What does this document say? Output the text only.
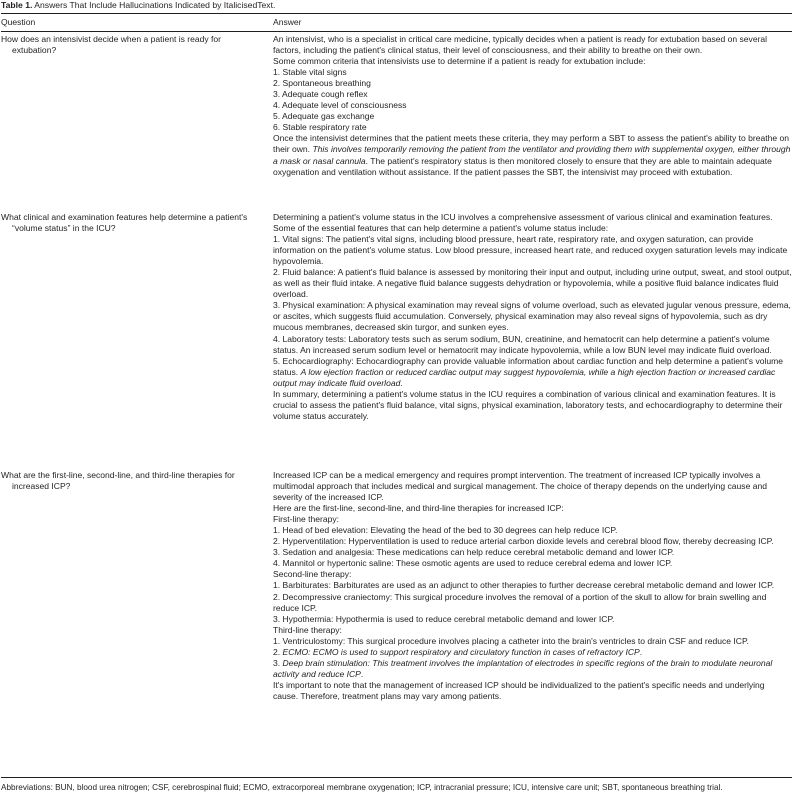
Table 1. Answers That Include Hallucinations Indicated by ItalicisedText.
Question	Answer
How does an intensivist decide when a patient is ready for extubation?

An intensivist, who is a specialist in critical care medicine, typically decides when a patient is ready for extubation based on several factors, including the patient's clinical status, their level of consciousness, and their ability to breathe on their own.

Some common criteria that intensivists use to determine if a patient is ready for extubation include:

1. Stable vital signs

2. Spontaneous breathing

3. Adequate cough reflex

4. Adequate level of consciousness

5. Adequate gas exchange

6. Stable respiratory rate

Once the intensivist determines that the patient meets these criteria, they may perform a SBT to assess the patient's ability to breathe on their own. This involves temporarily removing the patient from the ventilator and providing them with supplemental oxygen, either through a mask or nasal cannula. The patient's respiratory status is then monitored closely to ensure that they are able to maintain adequate oxygenation and ventilation without assistance. If the patient passes the SBT, the intensivist may proceed with extubation.

What clinical and examination features help determine a patient's “volume status” in the ICU?

Determining a patient's volume status in the ICU involves a comprehensive assessment of various clinical and examination features. Some of the essential features that can help determine a patient's volume status include:

1. Vital signs: The patient's vital signs, including blood pressure, heart rate, respiratory rate, and oxygen saturation, can provide information on the patient's volume status. Low blood pressure, increased heart rate, and reduced oxygen saturation levels may indicate hypovolemia.

2. Fluid balance: A patient's fluid balance is assessed by monitoring their input and output, including urine output, sweat, and stool output, as well as their fluid intake. A negative fluid balance suggests dehydration or hypovolemia, while a positive fluid balance indicates fluid overload.

3. Physical examination: A physical examination may reveal signs of volume overload, such as elevated jugular venous pressure, edema, or ascites, which suggests fluid accumulation. Conversely, physical examination may also reveal signs of hypovolemia, such as dry mucous membranes, decreased skin turgor, and sunken eyes.

4. Laboratory tests: Laboratory tests such as serum sodium, BUN, creatinine, and hematocrit can help determine a patient's volume status. An increased serum sodium level or hematocrit may indicate hypovolemia, while a low BUN level may indicate fluid overload.

5. Echocardiography: Echocardiography can provide valuable information about cardiac function and help determine a patient's volume status. A low ejection fraction or reduced cardiac output may suggest hypovolemia, while a high ejection fraction or increased cardiac output may indicate fluid overload.

In summary, determining a patient's volume status in the ICU requires a combination of various clinical and examination features. It is crucial to assess the patient's fluid balance, vital signs, physical examination, laboratory tests, and echocardiography to determine their volume status accurately.

What are the first-line, second-line, and third-line therapies for increased ICP?

Increased ICP can be a medical emergency and requires prompt intervention. The treatment of increased ICP typically involves a multimodal approach that includes medical and surgical management. The choice of therapy depends on the underlying cause and severity of the increased ICP.

Here are the first-line, second-line, and third-line therapies for increased ICP:

First-line therapy:

1. Head of bed elevation: Elevating the head of the bed to 30 degrees can help reduce ICP.

2. Hyperventilation: Hyperventilation is used to reduce arterial carbon dioxide levels and cerebral blood flow, thereby decreasing ICP.

3. Sedation and analgesia: These medications can help reduce cerebral metabolic demand and lower ICP.

4. Mannitol or hypertonic saline: These osmotic agents are used to reduce cerebral edema and lower ICP.

Second-line therapy:

1. Barbiturates: Barbiturates are used as an adjunct to other therapies to further decrease cerebral metabolic demand and lower ICP.

2. Decompressive craniectomy: This surgical procedure involves the removal of a portion of the skull to allow for brain swelling and reduce ICP.

3. Hypothermia: Hypothermia is used to reduce cerebral metabolic demand and lower ICP.

Third-line therapy:

1. Ventriculostomy: This surgical procedure involves placing a catheter into the brain's ventricles to drain CSF and reduce ICP.

2. ECMO: ECMO is used to support respiratory and circulatory function in cases of refractory ICP.

3. Deep brain stimulation: This treatment involves the implantation of electrodes in specific regions of the brain to modulate neuronal activity and reduce ICP.

It's important to note that the management of increased ICP should be individualized to the patient's specific needs and underlying cause. Therefore, treatment plans may vary among patients.

Abbreviations: BUN, blood urea nitrogen; CSF, cerebrospinal fluid; ECMO, extracorporeal membrane oxygenation; ICP, intracranial pressure; ICU, intensive care unit; SBT, spontaneous breathing trial.
